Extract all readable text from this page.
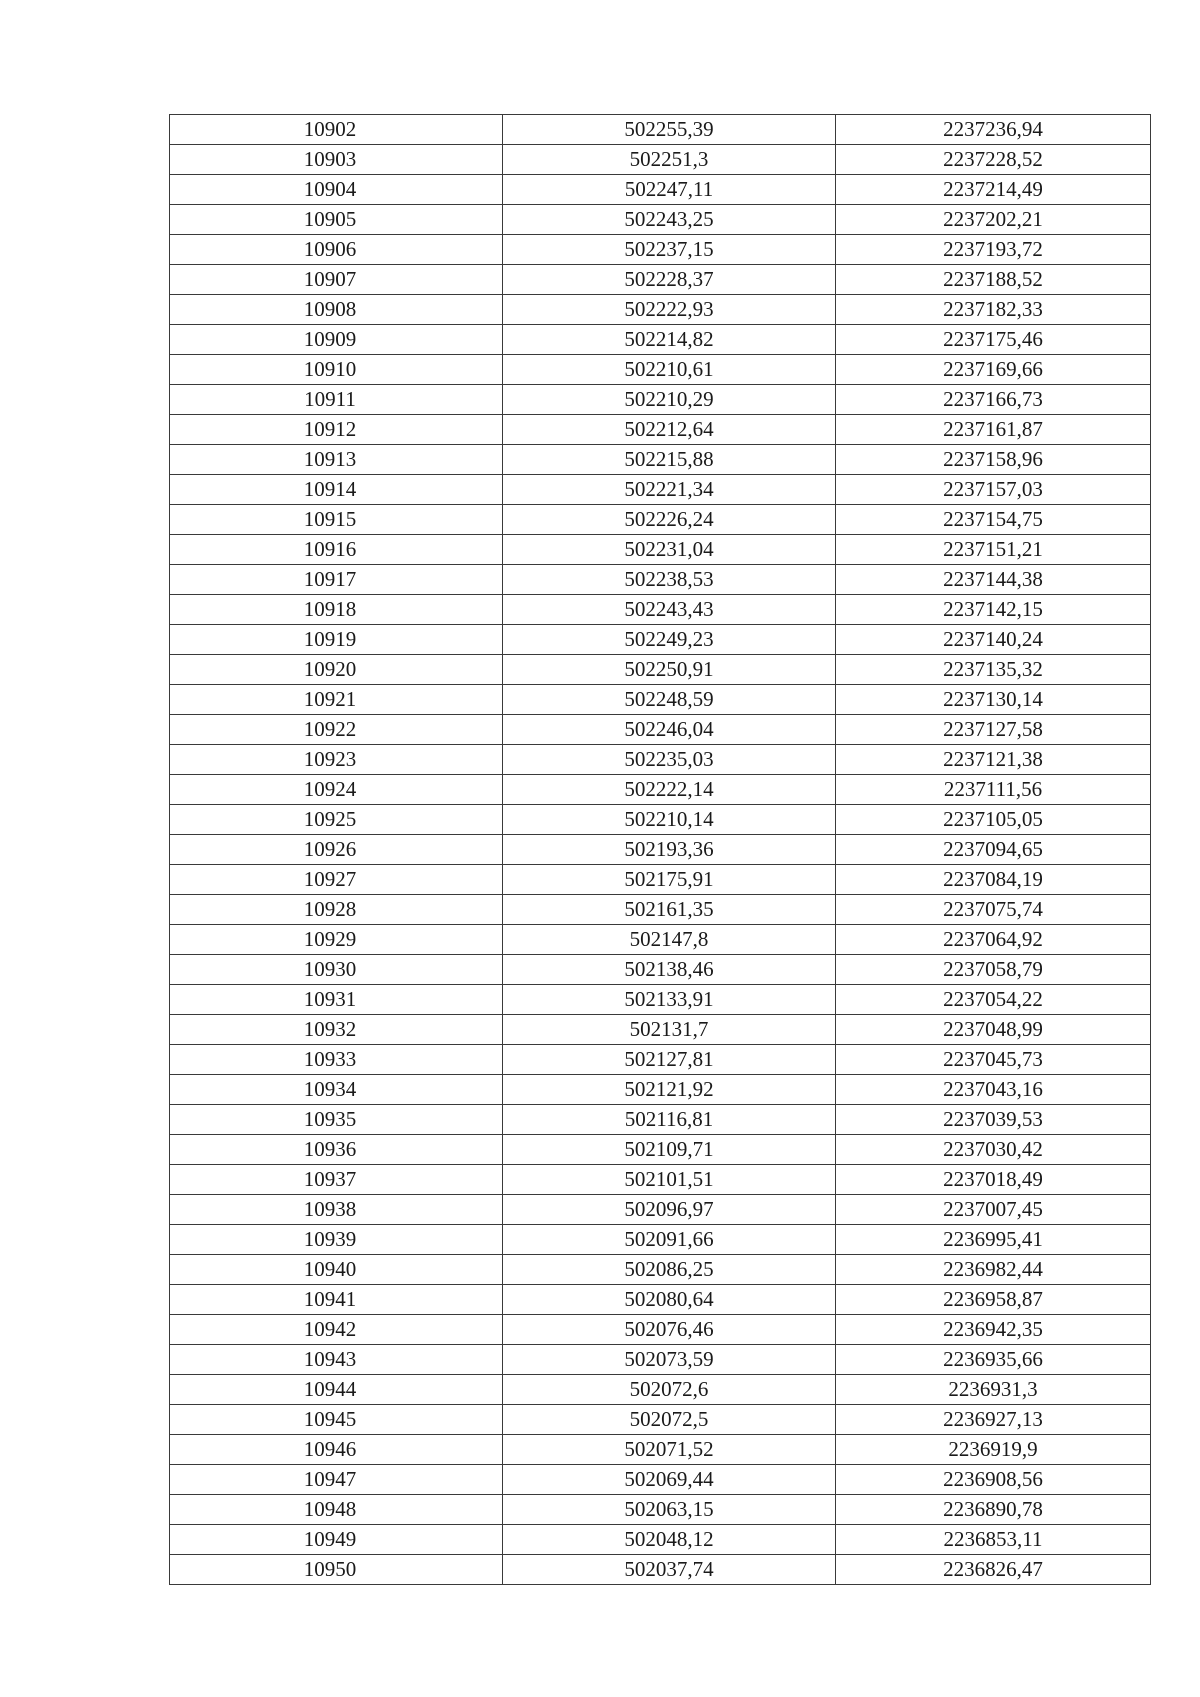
10902	502255,39	2237236,94
10903	502251,3	2237228,52
10904	502247,11	2237214,49
10905	502243,25	2237202,21
10906	502237,15	2237193,72
10907	502228,37	2237188,52
10908	502222,93	2237182,33
10909	502214,82	2237175,46
10910	502210,61	2237169,66
10911	502210,29	2237166,73
10912	502212,64	2237161,87
10913	502215,88	2237158,96
10914	502221,34	2237157,03
10915	502226,24	2237154,75
10916	502231,04	2237151,21
10917	502238,53	2237144,38
10918	502243,43	2237142,15
10919	502249,23	2237140,24
10920	502250,91	2237135,32
10921	502248,59	2237130,14
10922	502246,04	2237127,58
10923	502235,03	2237121,38
10924	502222,14	2237111,56
10925	502210,14	2237105,05
10926	502193,36	2237094,65
10927	502175,91	2237084,19
10928	502161,35	2237075,74
10929	502147,8	2237064,92
10930	502138,46	2237058,79
10931	502133,91	2237054,22
10932	502131,7	2237048,99
10933	502127,81	2237045,73
10934	502121,92	2237043,16
10935	502116,81	2237039,53
10936	502109,71	2237030,42
10937	502101,51	2237018,49
10938	502096,97	2237007,45
10939	502091,66	2236995,41
10940	502086,25	2236982,44
10941	502080,64	2236958,87
10942	502076,46	2236942,35
10943	502073,59	2236935,66
10944	502072,6	2236931,3
10945	502072,5	2236927,13
10946	502071,52	2236919,9
10947	502069,44	2236908,56
10948	502063,15	2236890,78
10949	502048,12	2236853,11
10950	502037,74	2236826,47
